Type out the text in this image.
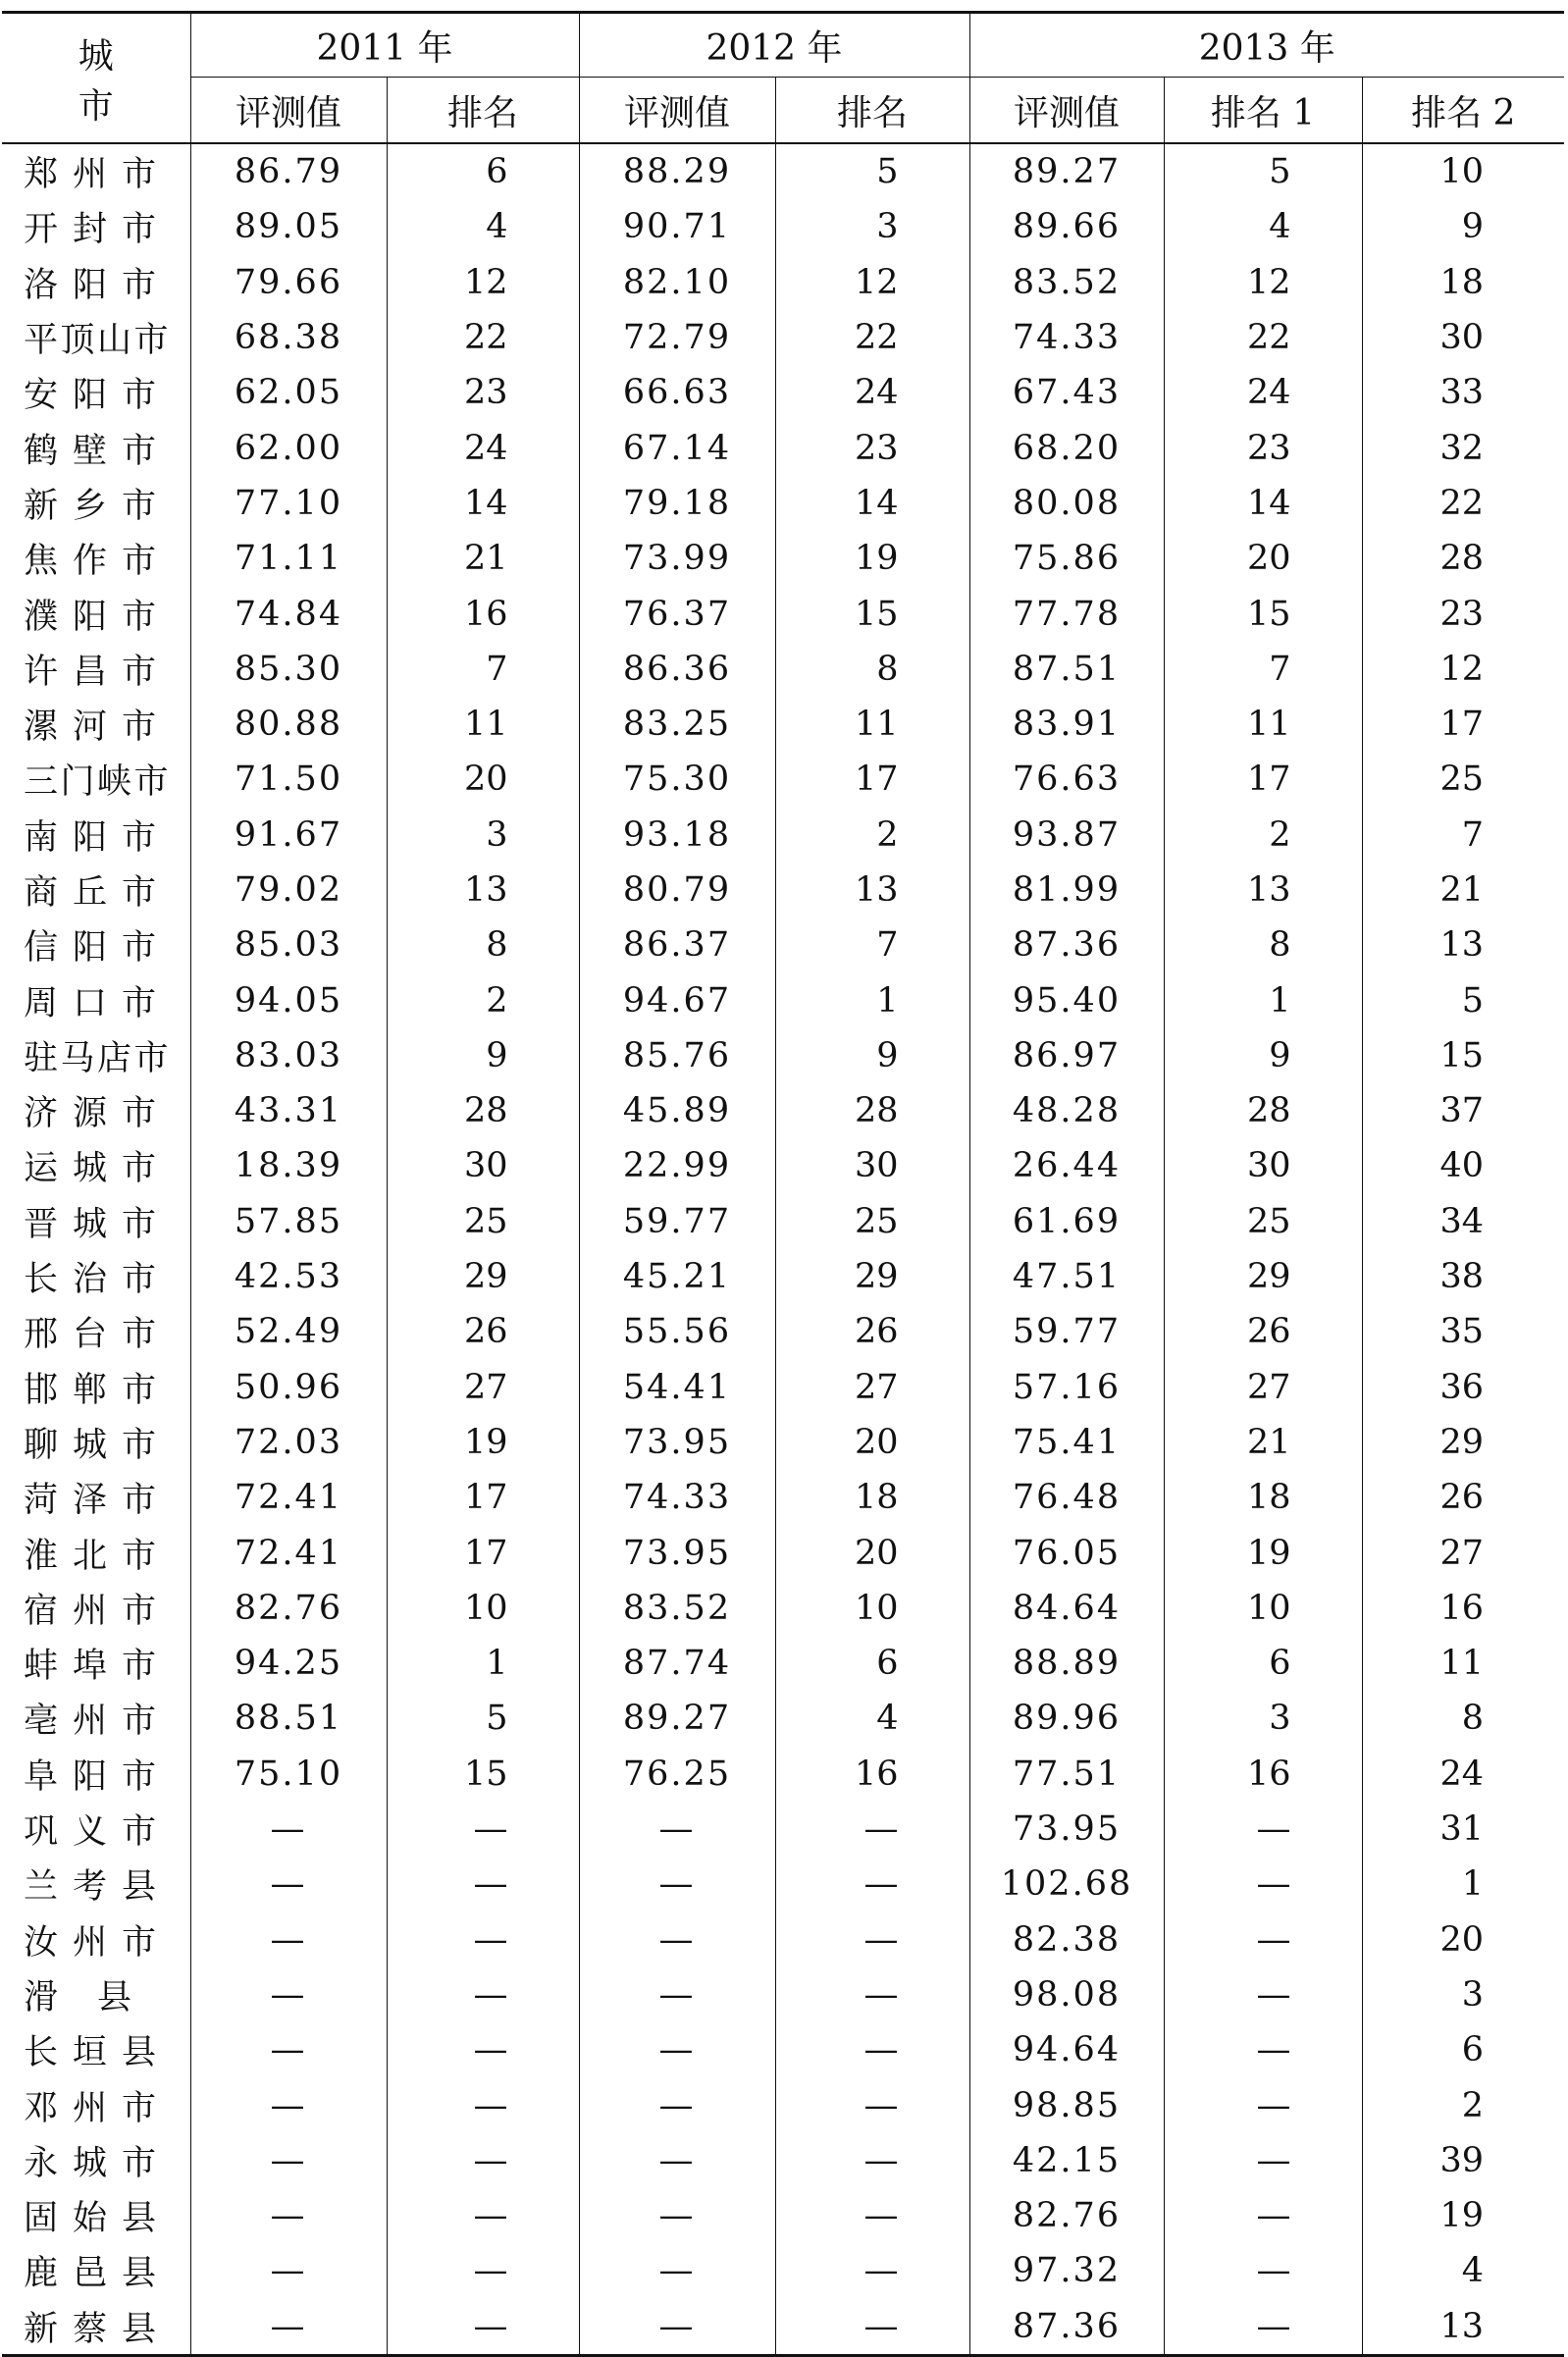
城 市	2011 年		2012 年		2013 年		
	评测值	排名	评测值	排名	评测值	排名 1	排名 2

郑 州 市	86.79	6	88.29	5	89.27	5	10

开 封 市	89.05	4	90.71	3	89.66	4	9

洛 阳 市	79.66	12	82.10	12	83.52	12	18

平 顶 山 市	68.38	22	72.79	22	74.33	22	30

安 阳 市	62.05	23	66.63	24	67.43	24	33

鹤 壁 市	62.00	24	67.14	23	68.20	23	32

新 乡 市	77.10	14	79.18	14	80.08	14	22

焦 作 市	71.11	21	73.99	19	75.86	20	28

濮 阳 市	74.84	16	76.37	15	77.78	15	23

许 昌 市	85.30	7	86.36	8	87.51	7	12

漯 河 市	80.88	11	83.25	11	83.91	11	17

三 门 峡 市	71.50	20	75.30	17	76.63	17	25

南 阳 市	91.67	3	93.18	2	93.87	2	7

商 丘 市	79.02	13	80.79	13	81.99	13	21

信 阳 市	85.03	8	86.37	7	87.36	8	13

周 口 市	94.05	2	94.67	1	95.40	1	5

驻 马 店 市	83.03	9	85.76	9	86.97	9	15

济 源 市	43.31	28	45.89	28	48.28	28	37

运 城 市	18.39	30	22.99	30	26.44	30	40

晋 城 市	57.85	25	59.77	25	61.69	25	34

长 治 市	42.53	29	45.21	29	47.51	29	38

邢 台 市	52.49	26	55.56	26	59.77	26	35

邯 郸 市	50.96	27	54.41	27	57.16	27	36

聊 城 市	72.03	19	73.95	20	75.41	21	29

菏 泽 市	72.41	17	74.33	18	76.48	18	26

淮 北 市	72.41	17	73.95	20	76.05	19	27

宿 州 市	82.76	10	83.52	10	84.64	10	16

蚌 埠 市	94.25	1	87.74	6	88.89	6	11

亳 州 市	88.51	5	89.27	4	89.96	3	8

阜 阳 市	75.10	15	76.25	16	77.51	16	24

巩 义 市	—	—	—	—	73.95	—	31

兰 考 县	—	—	—	—	102.68	—	1

汝 州 市	—	—	—	—	82.38	—	20

滑 县	—	—	—	—	98.08	—	3

长 垣 县	—	—	—	—	94.64	—	6

邓 州 市	—	—	—	—	98.85	—	2

永 城 市	—	—	—	—	42.15	—	39

固 始 县	—	—	—	—	82.76	—	19

鹿 邑 县	—	—	—	—	97.32	—	4

新 蔡 县	—	—	—	—	87.36	—	13
